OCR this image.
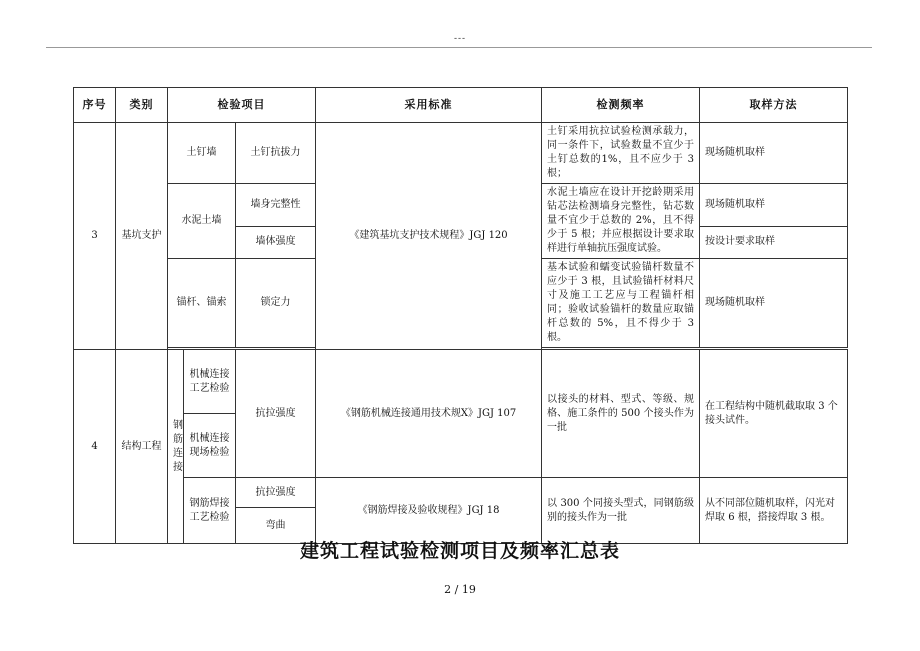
---
序号	类别	检验项目			采用标准	检测频率	取样方法
3	基坑支护	土钉墙		土钉抗拔力	《建筑基坑支护技术规程》JGJ 120	土钉采用抗拉试验检测承载力，同一条件下，试验数量不宜少于土钉总数的1%，且不应少于 3 根；	现场随机取样
		水泥土墙		墙身完整性		水泥土墙应在设计开挖龄期采用钻芯法检测墙身完整性，钻芯数量不宜少于总数的 2%，且不得少于 5 根；并应根据设计要求取样进行单轴抗压强度试验。	现场随机取样
				墙体强度			按设计要求取样
		锚杆、锚索		锁定力		基本试验和蠕变试验锚杆数量不应少于 3 根，且试验锚杆材料尺寸及施工工艺应与工程锚杆相同；验收试验锚杆的数量应取锚杆总数的 5%，且不得少于 3 根。	现场随机取样

4	结构工程	钢筋连接	机械连接工艺检验	抗拉强度	《钢筋机械连接通用技术规X》JGJ 107	以接头的材料、型式、等级、规格、施工条件的 500 个接头作为一批	在工程结构中随机截取取 3 个接头试件。
			机械连接现场检验				
			钢筋焊接工艺检验	抗拉强度	《钢筋焊接及验收规程》JGJ 18	以 300 个同接头型式，同钢筋级别的接头作为一批	从不同部位随机取样，闪光对焊取 6 根，搭接焊取 3 根。
				弯曲			
建筑工程试验检测项目及频率汇总表
2 / 19
